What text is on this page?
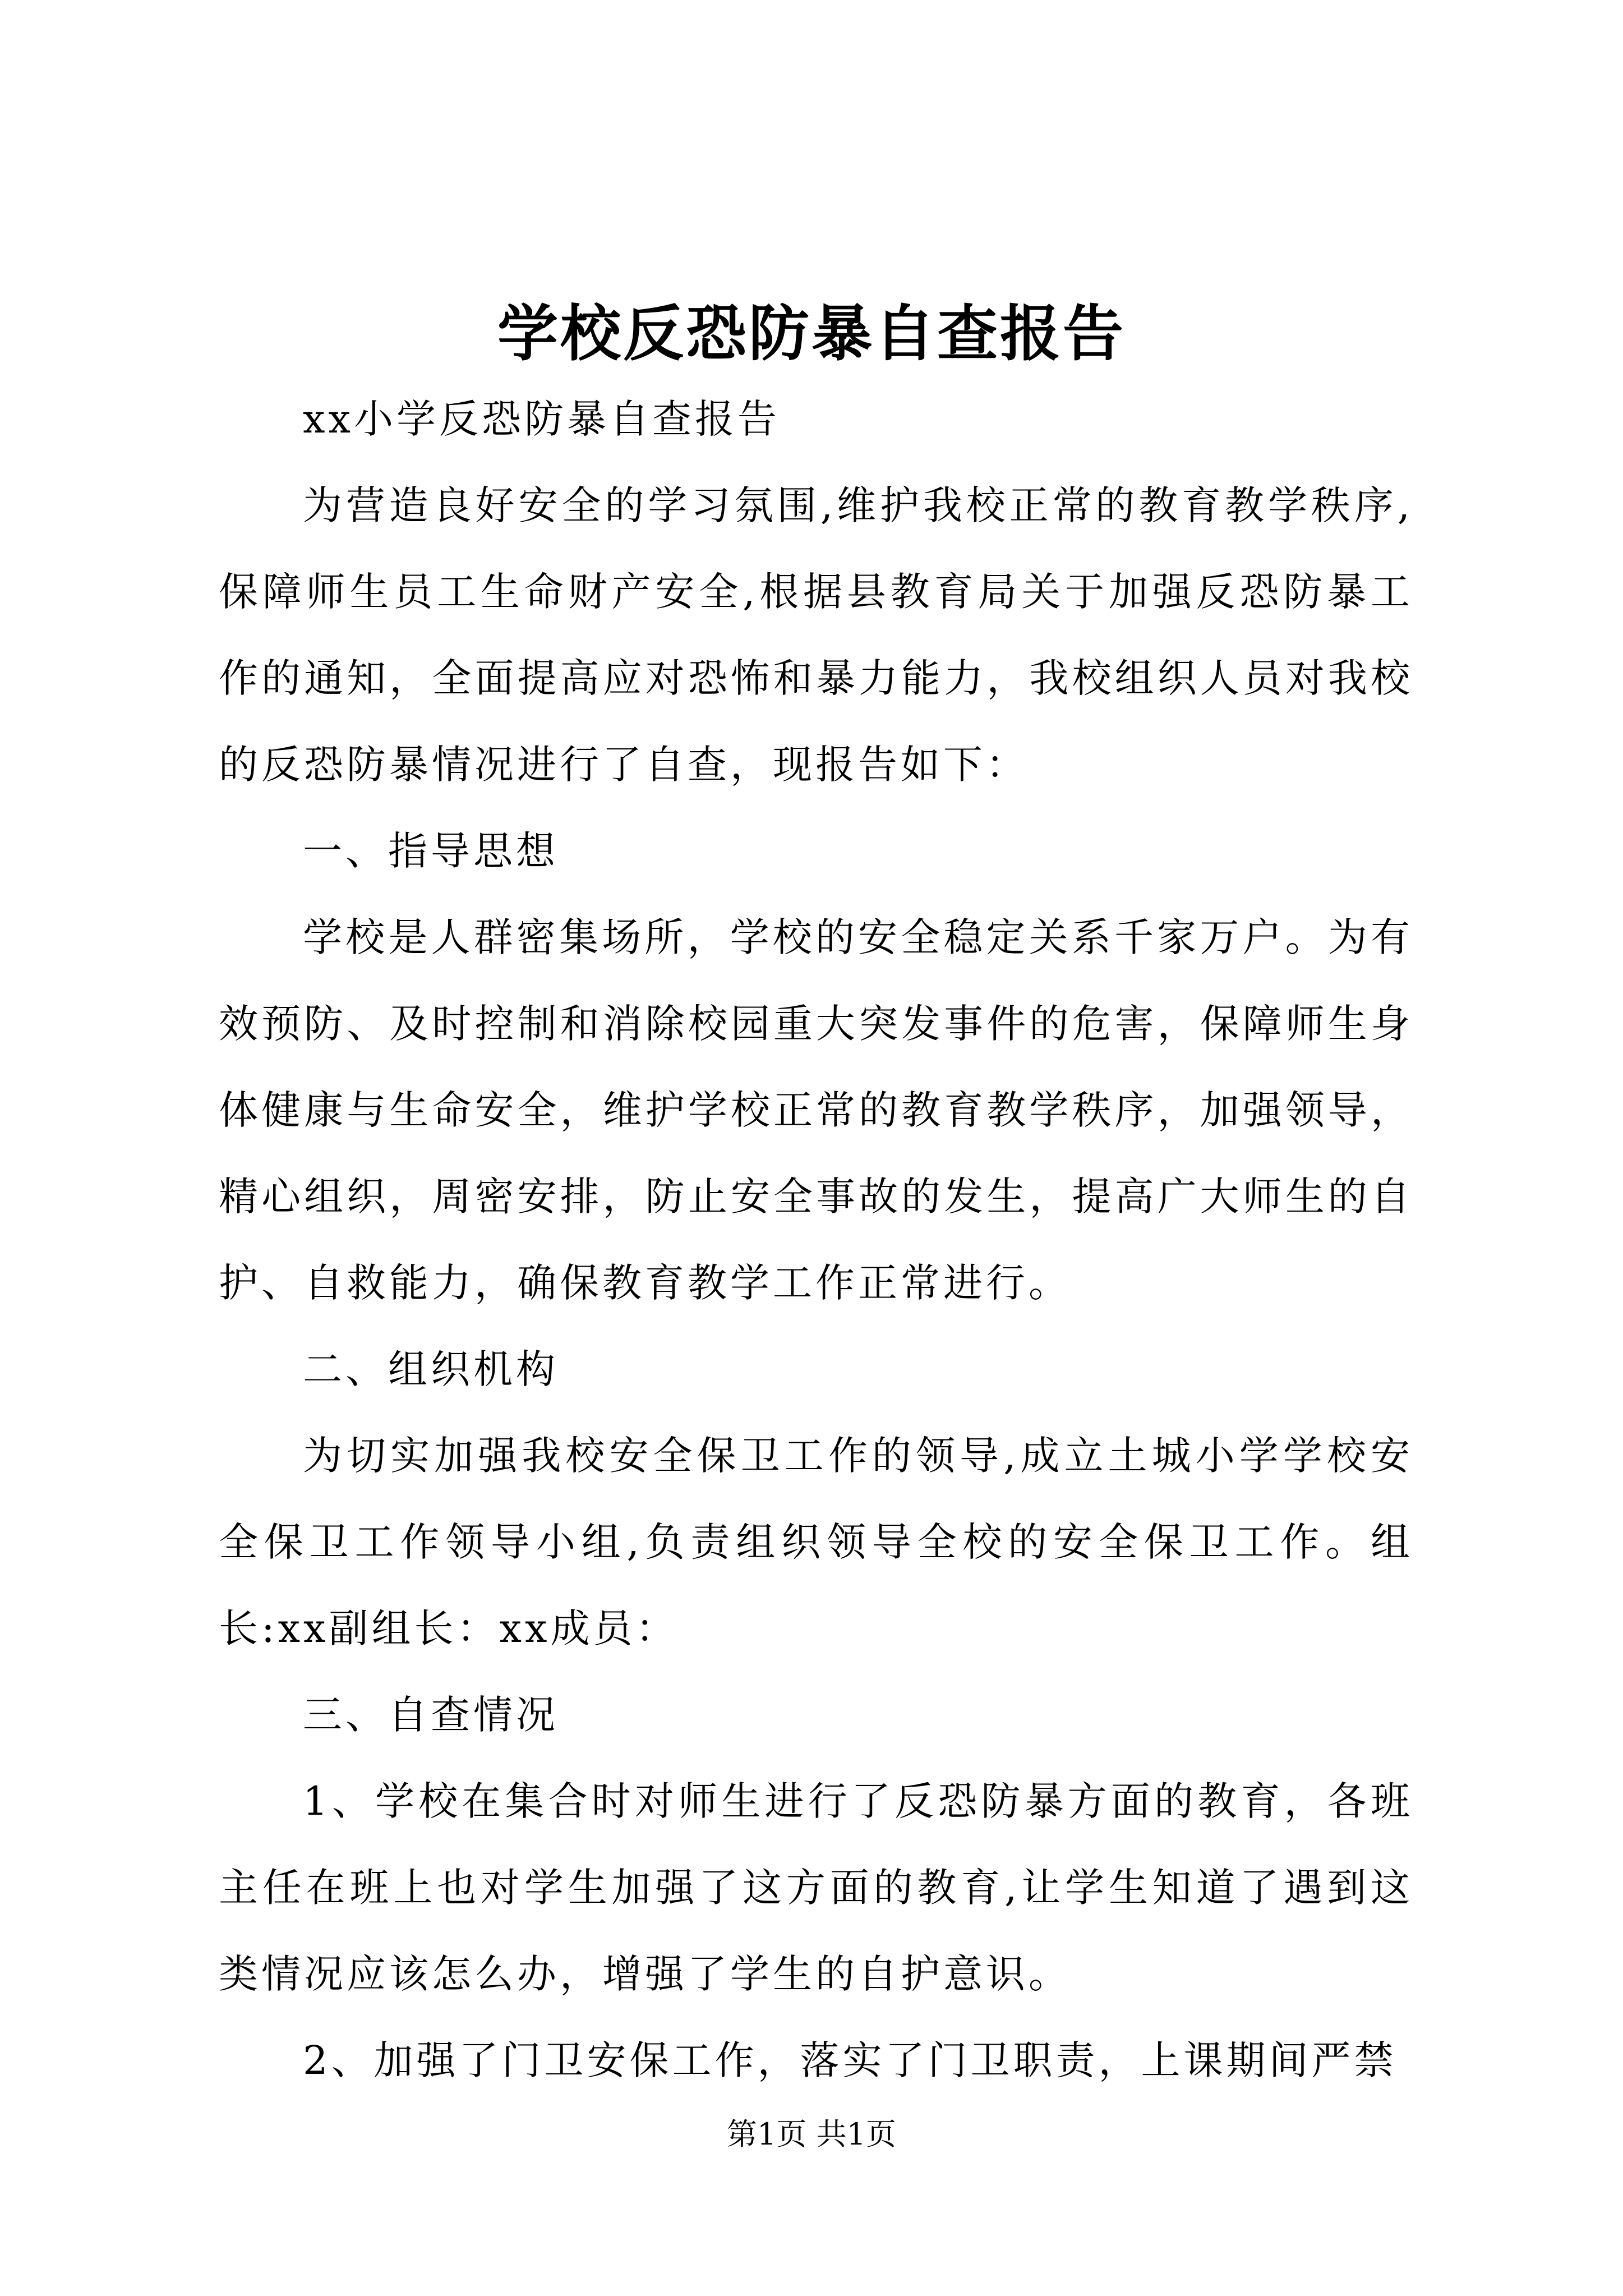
学校反恐防暴自查报告

xx小学反恐防暴自查报告

为营造良好安全的学习氛围,维护我校正常的教育教学秩序,保障师生员工生命财产安全,根据县教育局关于加强反恐防暴工作的通知，全面提高应对恐怖和暴力能力，我校组织人员对我校的反恐防暴情况进行了自查，现报告如下：

一、指导思想

学校是人群密集场所，学校的安全稳定关系千家万户。为有效预防、及时控制和消除校园重大突发事件的危害，保障师生身体健康与生命安全，维护学校正常的教育教学秩序，加强领导，精心组织，周密安排，防止安全事故的发生，提高广大师生的自护、自救能力，确保教育教学工作正常进行。

二、组织机构

为切实加强我校安全保卫工作的领导,成立土城小学学校安全保卫工作领导小组,负责组织领导全校的安全保卫工作。组长:xx副组长：xx成员：

三、自查情况

1、学校在集合时对师生进行了反恐防暴方面的教育，各班主任在班上也对学生加强了这方面的教育,让学生知道了遇到这类情况应该怎么办，增强了学生的自护意识。

2、加强了门卫安保工作，落实了门卫职责，上课期间严禁

第1页 共1页
